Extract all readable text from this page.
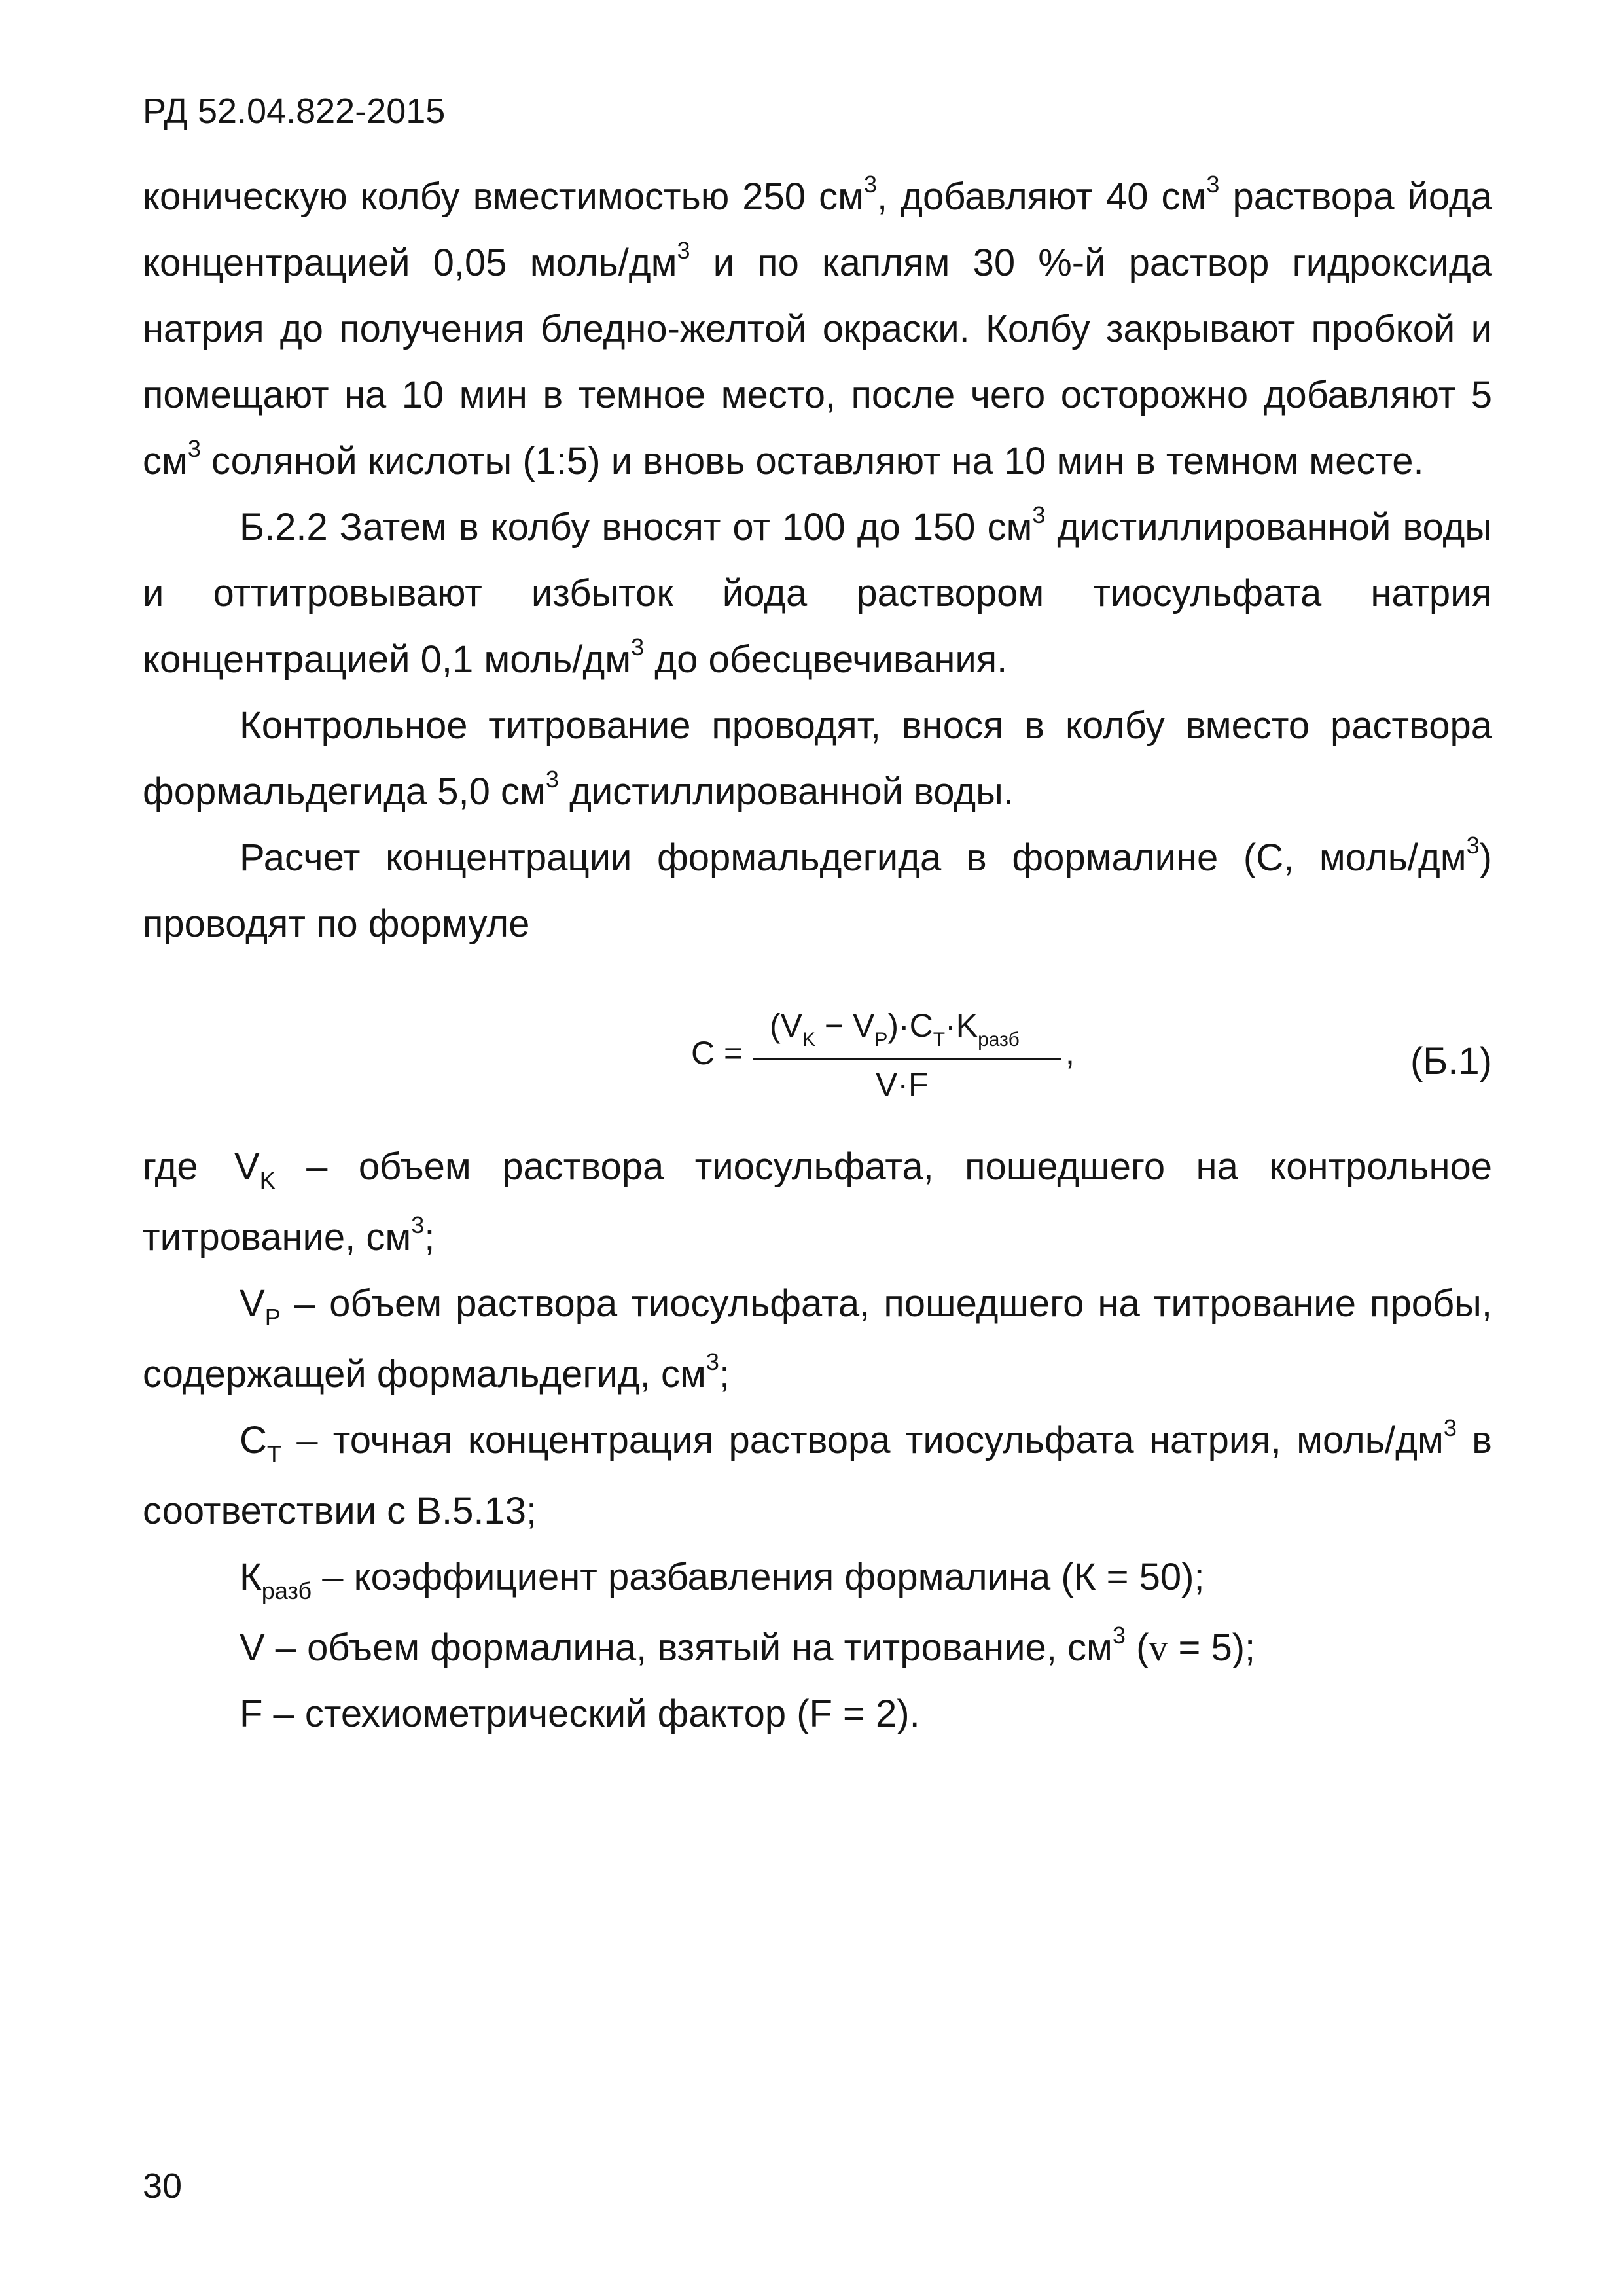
РД 52.04.822-2015

коническую колбу вместимостью 250 $см^3$, добавляют 40 $см^3$ раствора йода концентрацией 0,05 моль/$дм^3$ и по каплям 30 %-й раствор гидроксида натрия до получения бледно-желтой окраски. Колбу закрывают пробкой и помещают на 10 мин в темное место, после чего осторожно добавляют 5 $см^3$ соляной кислоты (1:5) и вновь оставляют на 10 мин в темном месте.

Б.2.2 Затем в колбу вносят от 100 до 150 $см^3$ дистиллированной воды и оттитровывают избыток йода раствором тиосульфата натрия концентрацией 0,1 моль/$дм^3$ до обесцвечивания.

Контрольное титрование проводят, внося в колбу вместо раствора формальдегида 5,0 $см^3$ дистиллированной воды.

Расчет концентрации формальдегида в формалине (С, моль/$дм^3$) проводят по формуле

C =
$(V_K - V_P)\cdot C_T\cdot K_{разб}$
V·F
,	(Б.1)

где $V_K$ – объем раствора тиосульфата, пошедшего на контрольное титрование, $см^3$;

$V_P$ – объем раствора тиосульфата, пошедшего на титрование пробы, содержащей формальдегид, $см^3$;

$С_Т$ – точная концентрация раствора тиосульфата натрия, моль/$дм^3$ в соответствии с В.5.13;

$К_{разб}$ – коэффициент разбавления формалина (К = 50);

V – объем формалина, взятый на титрование, $см^3$ (v = 5);

F – стехиометрический фактор (F = 2).

30
